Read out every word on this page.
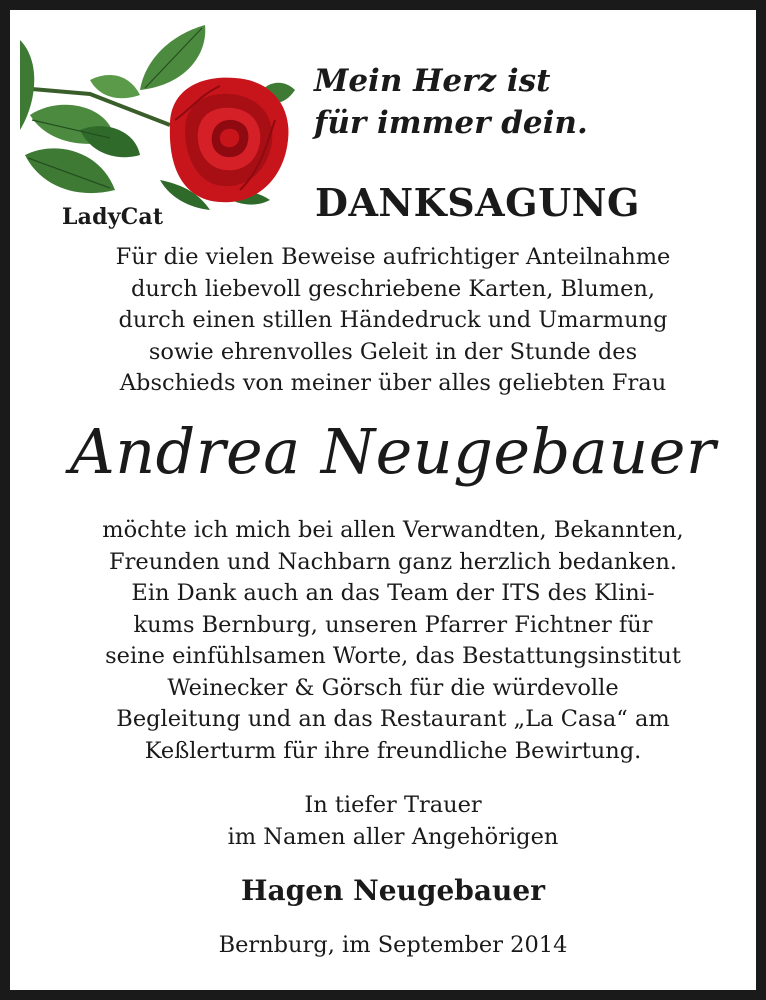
LadyCat
Mein Herz ist
für immer dein.
DANKSAGUNG
Für die vielen Beweise aufrichtiger Anteilnahme
durch liebevoll geschriebene Karten, Blumen,
durch einen stillen Händedruck und Umarmung
sowie ehrenvolles Geleit in der Stunde des
Abschieds von meiner über alles geliebten Frau
Andrea Neugebauer
möchte ich mich bei allen Verwandten, Bekannten,
Freunden und Nachbarn ganz herzlich bedanken.
Ein Dank auch an das Team der ITS des Klini-
kums Bernburg, unseren Pfarrer Fichtner für
seine einfühlsamen Worte, das Bestattungsinstitut
Weinecker & Görsch für die würdevolle
Begleitung und an das Restaurant „La Casa“ am
Keßlerturm für ihre freundliche Bewirtung.
In tiefer Trauer
im Namen aller Angehörigen
Hagen Neugebauer
Bernburg, im September 2014
